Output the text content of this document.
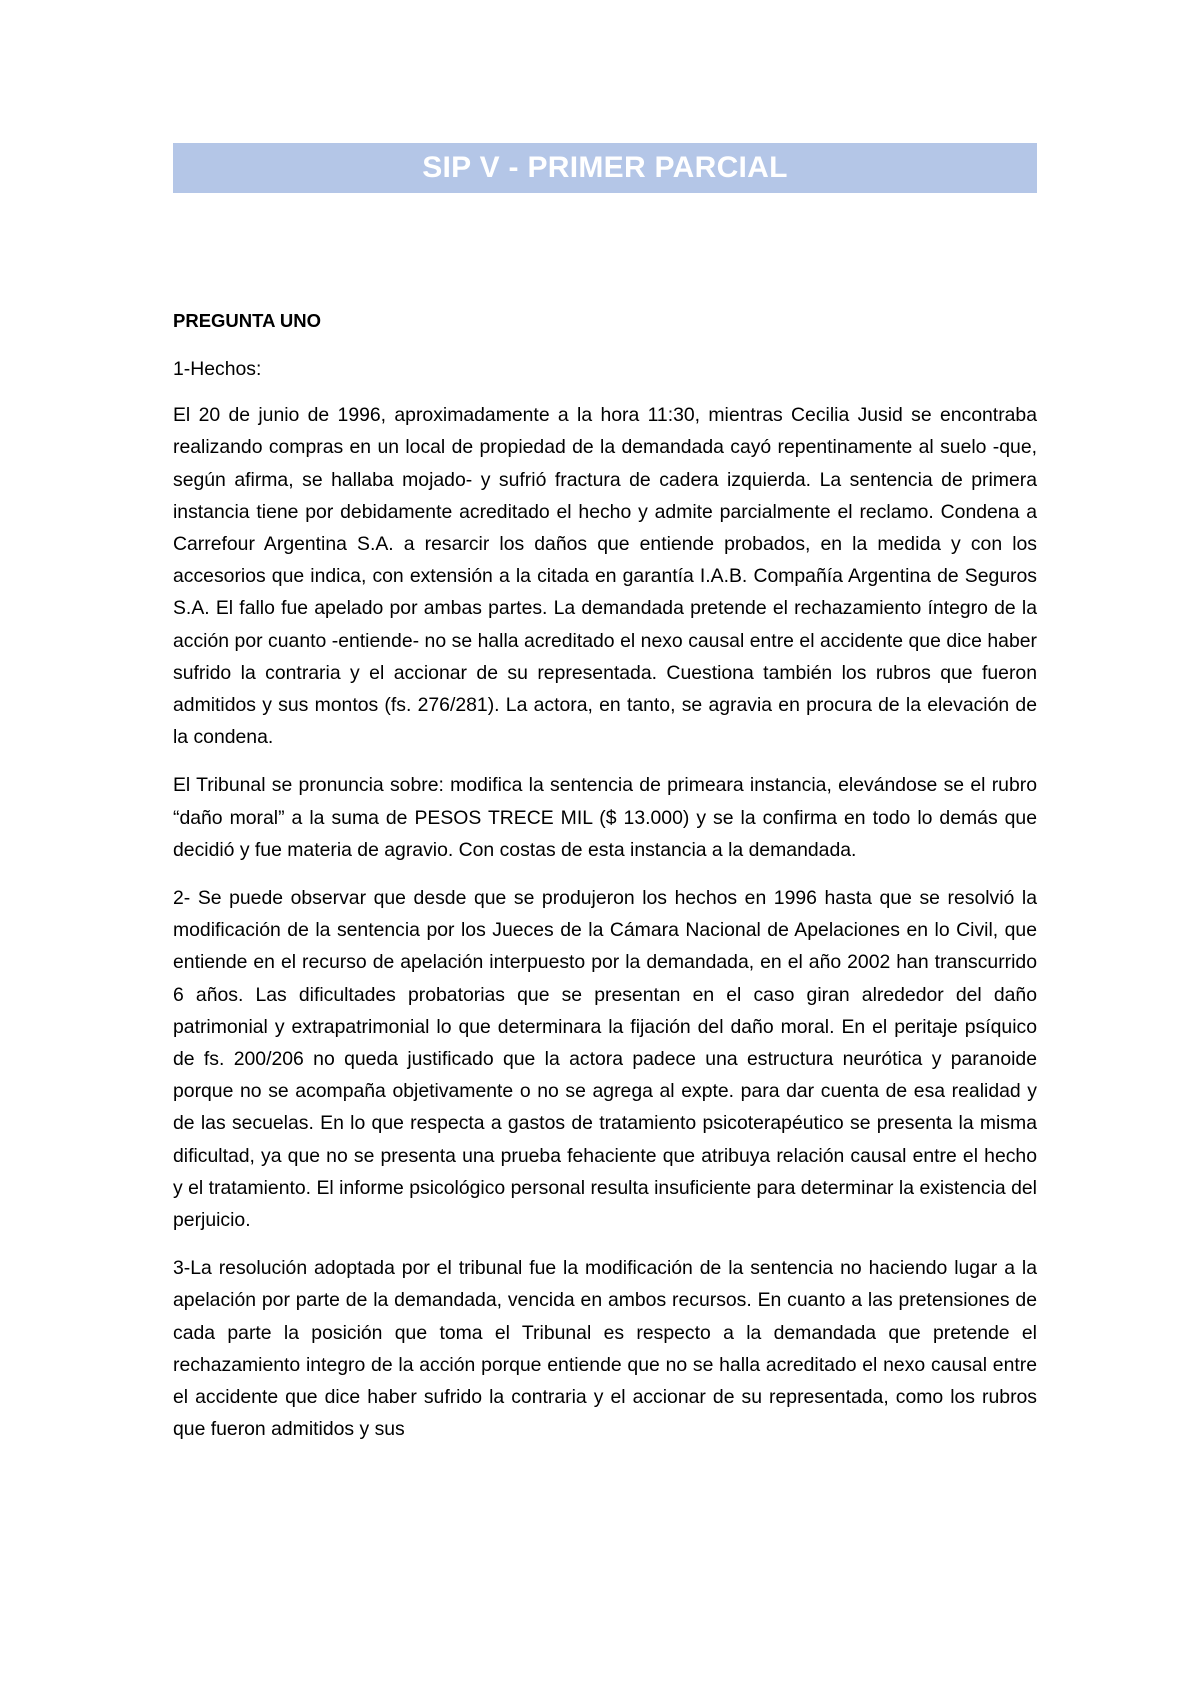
SIP V - PRIMER PARCIAL
PREGUNTA UNO

1-Hechos:

El 20 de junio de 1996, aproximadamente a la hora 11:30, mientras Cecilia Jusid se encontraba realizando compras en un local de propiedad de la demandada cayó repentinamente al suelo -que, según afirma, se hallaba mojado- y sufrió fractura de cadera izquierda. La sentencia de primera instancia tiene por debidamente acreditado el hecho y admite parcialmente el reclamo. Condena a Carrefour Argentina S.A. a resarcir los daños que entiende probados, en la medida y con los accesorios que indica, con extensión a la citada en garantía I.A.B. Compañía Argentina de Seguros S.A. El fallo fue apelado por ambas partes. La demandada pretende el rechazamiento íntegro de la acción por cuanto -entiende- no se halla acreditado el nexo causal entre el accidente que dice haber sufrido la contraria y el accionar de su representada. Cuestiona también los rubros que fueron admitidos y sus montos (fs. 276/281). La actora, en tanto, se agravia en procura de la elevación de la condena.

El Tribunal se pronuncia sobre: modifica la sentencia de primeara instancia, elevándose se el rubro “daño moral” a la suma de PESOS TRECE MIL ($ 13.000) y se la confirma en todo lo demás que decidió y fue materia de agravio. Con costas de esta instancia a la demandada.

2- Se puede observar que desde que se produjeron los hechos en 1996 hasta que se resolvió la modificación de la sentencia por los Jueces de la Cámara Nacional de Apelaciones en lo Civil, que entiende en el recurso de apelación interpuesto por la demandada, en el año 2002 han transcurrido 6 años. Las dificultades probatorias que se presentan en el caso giran alrededor del daño patrimonial y extrapatrimonial lo que determinara la fijación del daño moral. En el peritaje psíquico de fs. 200/206 no queda justificado que la actora padece una estructura neurótica y paranoide porque no se acompaña objetivamente o no se agrega al expte. para dar cuenta de esa realidad y de las secuelas. En lo que respecta a gastos de tratamiento psicoterapéutico se presenta la misma dificultad, ya que no se presenta una prueba fehaciente que atribuya relación causal entre el hecho y el tratamiento. El informe psicológico personal resulta insuficiente para determinar la existencia del perjuicio.

3-La resolución adoptada por el tribunal fue la modificación de la sentencia no haciendo lugar a la apelación por parte de la demandada, vencida en ambos recursos. En cuanto a las pretensiones de cada parte la posición que toma el Tribunal es respecto a la demandada que pretende el rechazamiento integro de la acción porque entiende que no se halla acreditado el nexo causal entre el accidente que dice haber sufrido la contraria y el accionar de su representada, como los rubros que fueron admitidos y sus
